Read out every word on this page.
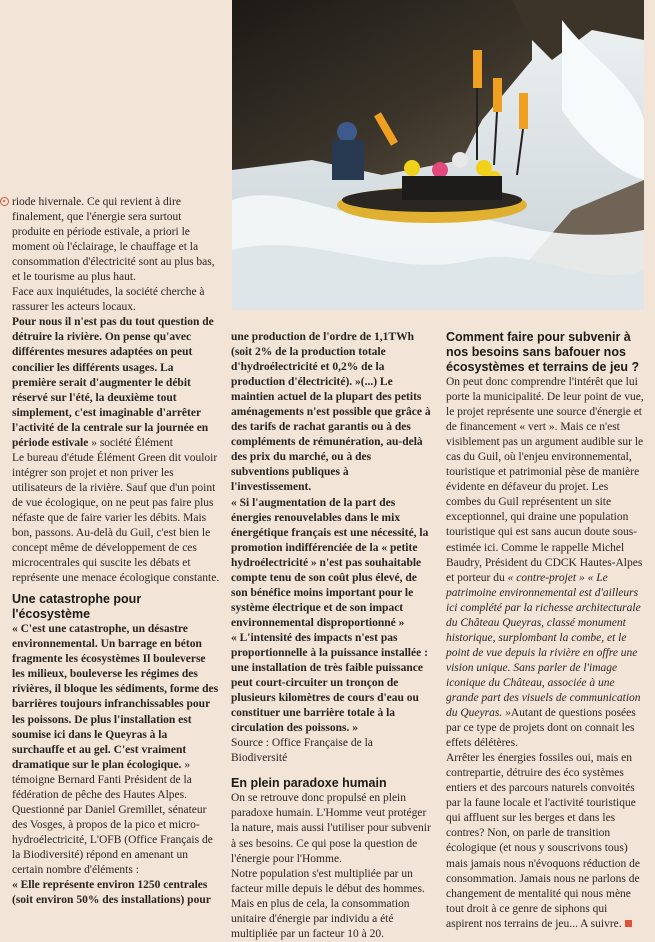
riode hivernale. Ce qui revient à dire finalement, que l'énergie sera surtout produite en période estivale, a priori le moment où l'éclairage, le chauffage et la consommation d'électricité sont au plus bas, et le tourisme au plus haut.

Face aux inquiétudes, la société cherche à rassurer les acteurs locaux.

Pour nous il n'est pas du tout question de détruire la rivière. On pense qu'avec différentes mesures adaptées on peut concilier les différents usages. La première serait d'augmenter le débit réservé sur l'été, la deuxième tout simplement, c'est imaginable d'arrêter l'activité de la centrale sur la journée en période estivale » société Élément

Le bureau d'étude Élément Green dit vouloir intégrer son projet et non priver les utilisateurs de la rivière. Sauf que d'un point de vue écologique, on ne peut pas faire plus néfaste que de faire varier les débits. Mais bon, passons. Au-delà du Guil, c'est bien le concept même de développement de ces microcentrales qui suscite les débats et représente une menace écologique constante.

Une catastrophe pour l'écosystème

« C'est une catastrophe, un désastre environnemental. Un barrage en béton fragmente les écosystèmes Il bouleverse les milieux, bouleverse les régimes des rivières, il bloque les sédiments, forme des barrières toujours infranchissables pour les poissons. De plus l'installation est soumise ici dans le Queyras à la surchauffe et au gel. C'est vraiment dramatique sur le plan écologique. » témoigne Bernard Fanti Président de la fédération de pêche des Hautes Alpes.

Questionné par Daniel Gremillet, sénateur des Vosges, à propos de la pico et micro-hydroélectricité, L'OFB (Office Français de la Biodiversité) répond en amenant un certain nombre d'éléments :

« Elle représente environ 1250 centrales (soit environ 50% des installations) pour

une production de l'ordre de 1,1TWh (soit 2% de la production totale d'hydroélectricité et 0,2% de la production d'électricité). »(...) Le maintien actuel de la plupart des petits aménagements n'est possible que grâce à des tarifs de rachat garantis ou à des compléments de rémunération, au-delà des prix du marché, ou à des subventions publiques à l'investissement.

« Si l'augmentation de la part des énergies renouvelables dans le mix énergétique français est une nécessité, la promotion indifférenciée de la « petite hydroélectricité » n'est pas souhaitable compte tenu de son coût plus élevé, de son bénéfice moins important pour le système électrique et de son impact environnemental disproportionné »

« L'intensité des impacts n'est pas proportionnelle à la puissance installée : une installation de très faible puissance peut court-circuiter un tronçon de plusieurs kilomètres de cours d'eau ou constituer une barrière totale à la circulation des poissons. »

Source : Office Française de la Biodiversité

En plein paradoxe humain

On se retrouve donc propulsé en plein paradoxe humain. L'Homme veut protéger la nature, mais aussi l'utiliser pour subvenir à ses besoins. Ce qui pose la question de l'énergie pour l'Homme.

Notre population s'est multipliée par un facteur mille depuis le début des hommes. Mais en plus de cela, la consommation unitaire d'énergie par individu a été multipliée par un facteur 10 à 20.

Comment faire pour subvenir à nos besoins sans bafouer nos écosystèmes et terrains de jeu ?

On peut donc comprendre l'intérêt que lui porte la municipalité. De leur point de vue, le projet représente une source d'énergie et de financement « vert ». Mais ce n'est visiblement pas un argument audible sur le cas du Guil, où l'enjeu environnemental, touristique et patrimonial pèse de manière évidente en défaveur du projet. Les combes du Guil représentent un site exceptionnel, qui draine une population touristique qui est sans aucun doute sous-estimée ici. Comme le rappelle Michel Baudry, Président du CDCK Hautes-Alpes et porteur du « contre-projet » « Le patrimoine environnemental est d'ailleurs ici complété par la richesse architecturale du Château Queyras, classé monument historique, surplombant la combe, et le point de vue depuis la rivière en offre une vision unique. Sans parler de l'image iconique du Château, associée à une grande part des visuels de communication du Queyras. »Autant de questions posées par ce type de projets dont on connait les effets délétères.

Arrêter les énergies fossiles oui, mais en contrepartie, détruire des éco systèmes entiers et des parcours naturels convoités par la faune locale et l'activité touristique qui affluent sur les berges et dans les contres? Non, on parle de transition écologique (et nous y souscrivons tous) mais jamais nous n'évoquons réduction de consommation. Jamais nous ne parlons de changement de mentalité qui nous mène tout droit à ce genre de siphons qui aspirent nos terrains de jeu... A suivre.
